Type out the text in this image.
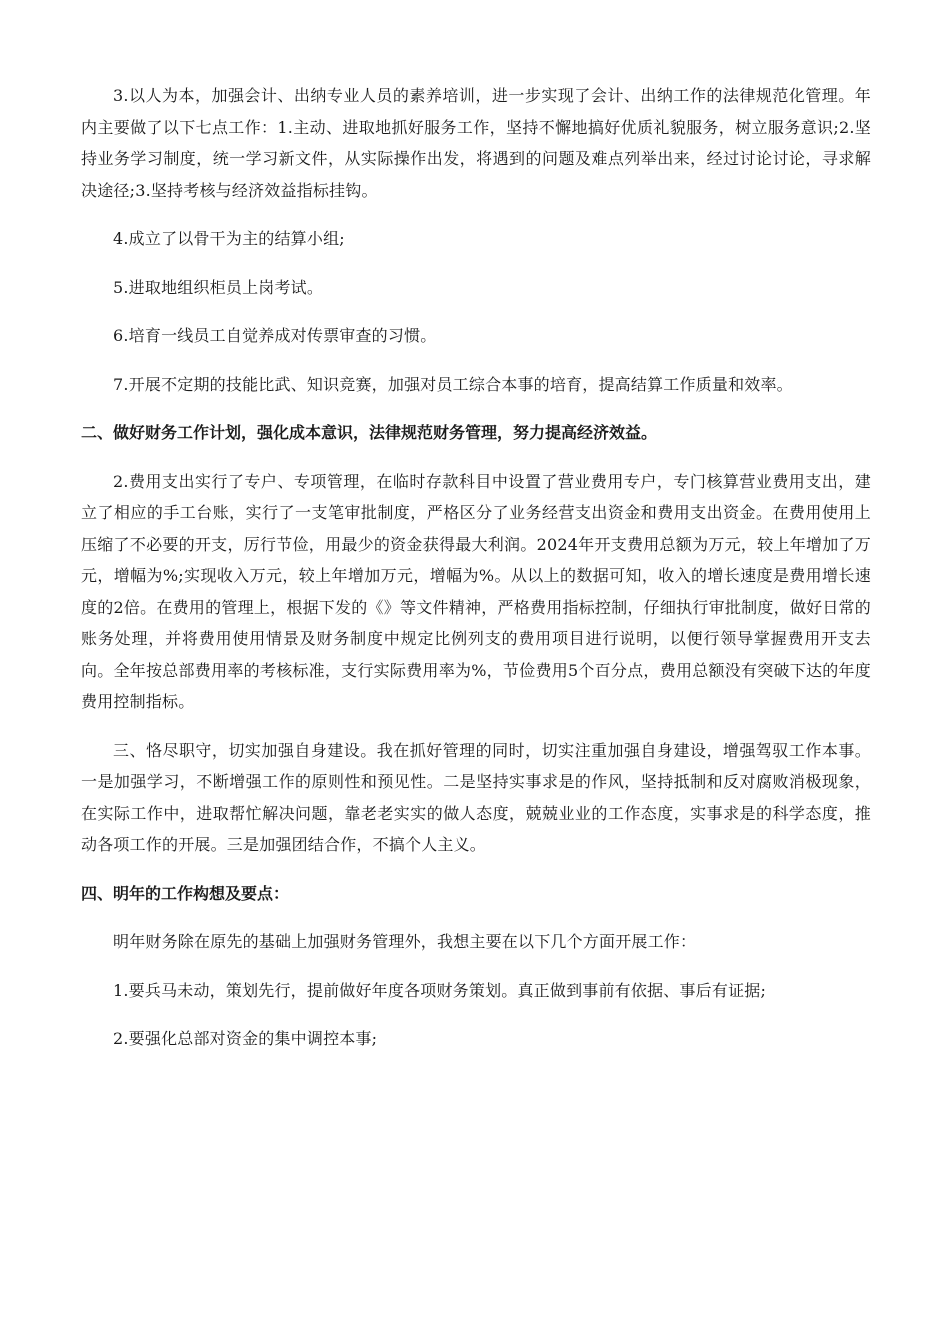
3.以人为本，加强会计、出纳专业人员的素养培训，进一步实现了会计、出纳工作的法律规范化管理。年内主要做了以下七点工作：1.主动、进取地抓好服务工作，坚持不懈地搞好优质礼貌服务，树立服务意识;2.坚持业务学习制度，统一学习新文件，从实际操作出发，将遇到的问题及难点列举出来，经过讨论讨论，寻求解决途径;3.坚持考核与经济效益指标挂钩。

4.成立了以骨干为主的结算小组;

5.进取地组织柜员上岗考试。

6.培育一线员工自觉养成对传票审查的习惯。

7.开展不定期的技能比武、知识竞赛，加强对员工综合本事的培育，提高结算工作质量和效率。

二、做好财务工作计划，强化成本意识，法律规范财务管理，努力提高经济效益。

2.费用支出实行了专户、专项管理，在临时存款科目中设置了营业费用专户，专门核算营业费用支出，建立了相应的手工台账，实行了一支笔审批制度，严格区分了业务经营支出资金和费用支出资金。在费用使用上压缩了不必要的开支，厉行节俭，用最少的资金获得最大利润。2024年开支费用总额为万元，较上年增加了万元，增幅为%;实现收入万元，较上年增加万元，增幅为%。从以上的数据可知，收入的增长速度是费用增长速度的2倍。在费用的管理上，根据下发的《》等文件精神，严格费用指标控制，仔细执行审批制度，做好日常的账务处理，并将费用使用情景及财务制度中规定比例列支的费用项目进行说明，以便行领导掌握费用开支去向。全年按总部费用率的考核标准，支行实际费用率为%，节俭费用5个百分点，费用总额没有突破下达的年度费用控制指标。

三、恪尽职守，切实加强自身建设。我在抓好管理的同时，切实注重加强自身建设，增强驾驭工作本事。一是加强学习，不断增强工作的原则性和预见性。二是坚持实事求是的作风，坚持抵制和反对腐败消极现象，在实际工作中，进取帮忙解决问题，靠老老实实的做人态度，兢兢业业的工作态度，实事求是的科学态度，推动各项工作的开展。三是加强团结合作，不搞个人主义。

四、明年的工作构想及要点：

明年财务除在原先的基础上加强财务管理外，我想主要在以下几个方面开展工作：

1.要兵马未动，策划先行，提前做好年度各项财务策划。真正做到事前有依据、事后有证据;

2.要强化总部对资金的集中调控本事;
